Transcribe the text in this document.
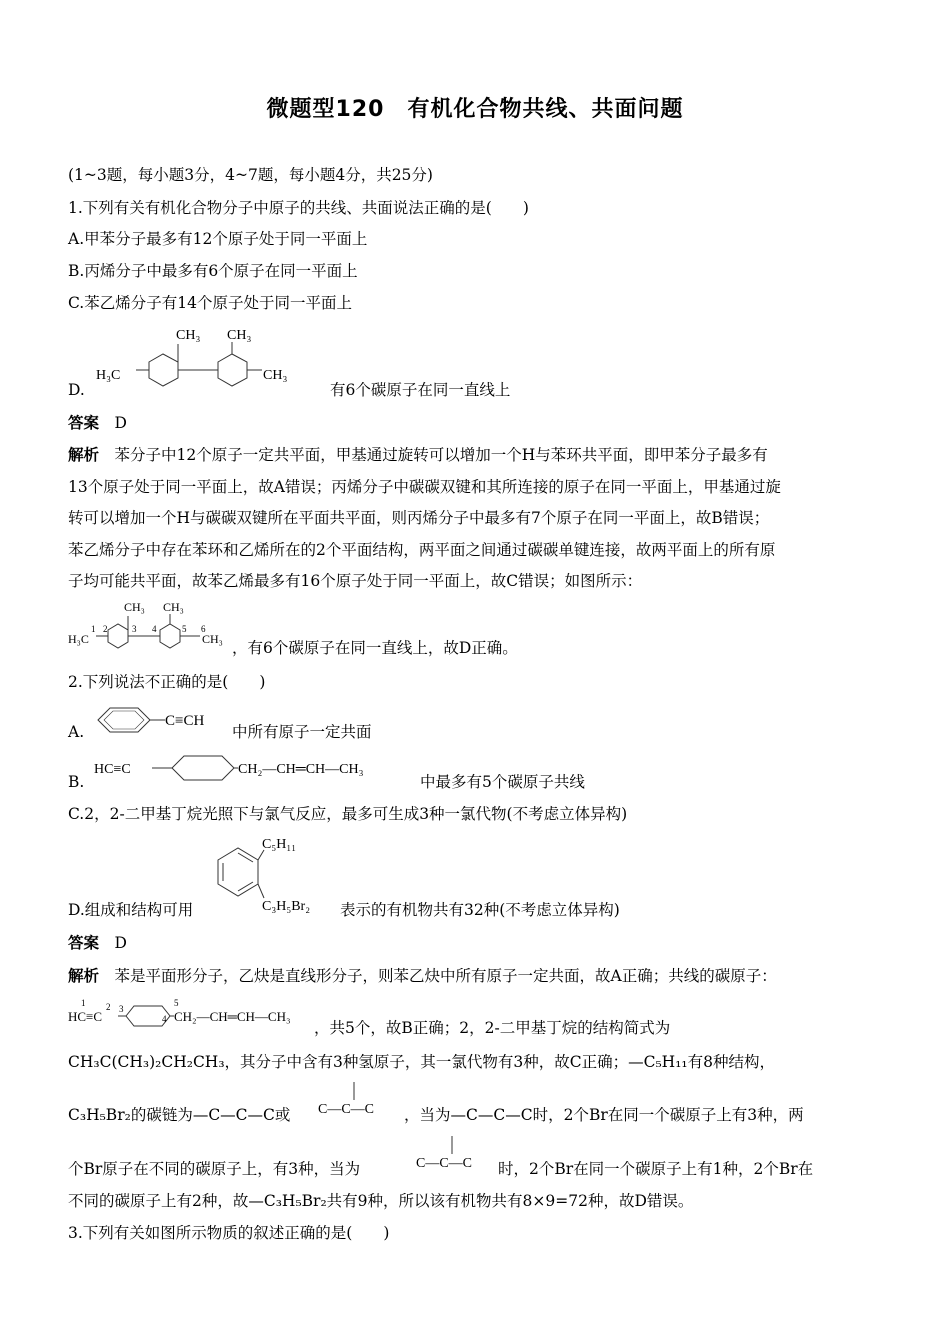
微题型120　有机化合物共线、共面问题
(1~3题，每小题3分，4~7题，每小题4分，共25分)
1.下列有关有机化合物分子中原子的共线、共面说法正确的是(　　)
A.甲苯分子最多有12个原子处于同一平面上
B.丙烯分子中最多有6个原子在同一平面上
C.苯乙烯分子有14个原子处于同一平面上
D.
H₃C	CH₃
CH₃ CH₃
有6个碳原子在同一直线上
答案　 D
解析　 苯分子中12个原子一定共平面，甲基通过旋转可以增加一个H与苯环共平面，即甲苯分子最多有
13个原子处于同一平面上，故A错误；丙烯分子中碳碳双键和其所连接的原子在同一平面上，甲基通过旋
转可以增加一个H与碳碳双键所在平面共平面，则丙烯分子中最多有7个原子在同一平面上，故B错误；
苯乙烯分子中存在苯环和乙烯所在的2个平面结构，两平面之间通过碳碳单键连接，故两平面上的所有原
子均可能共平面，故苯乙烯最多有16个原子处于同一平面上，故C错误；如图所示：
H₃C	CH₃
CH₃ CH₃
1 2	3 4	5 6
，有6个碳原子在同一直线上，故D正确。
2.下列说法不正确的是(　　)
A.
C≡CH
中所有原子一定共面
B.
HC≡C	CH₂—CH═CH—CH₃
中最多有5个碳原子共线
C.2，2-二甲基丁烷光照下与氯气反应，最多可生成3种一氯代物(不考虑立体异构)
D.组成和结构可用
C₅H₁₁
C₃H₅Br₂ 表示的有机物共有32种(不考虑立体异构)
答案　 D
解析　 苯是平面形分子，乙炔是直线形分子，则苯乙炔中所有原子一定共面，故A正确；共线的碳原子：
HC≡C	CH₂—CH═CH—CH₃
1 2 3
4
5
，共5个，故B正确；2，2-二甲基丁烷的结构简式为
CH₃C(CH₃)₂CH₂CH₃，其分子中含有3种氢原子，其一氯代物有3种，故C正确；—C₅H₁₁有8种结构，
C₃H₅Br₂的碳链为—C—C—C或 C—C—C ，当为—C—C—C时，2个Br在同一个碳原子上有3种，两
个Br原子在不同的碳原子上，有3种，当为	C—C—C 时，2个Br在同一个碳原子上有1种，2个Br在
不同的碳原子上有2种，故—C₃H₅Br₂共有9种，所以该有机物共有8×9=72种，故D错误。
3.下列有关如图所示物质的叙述正确的是(　　)
